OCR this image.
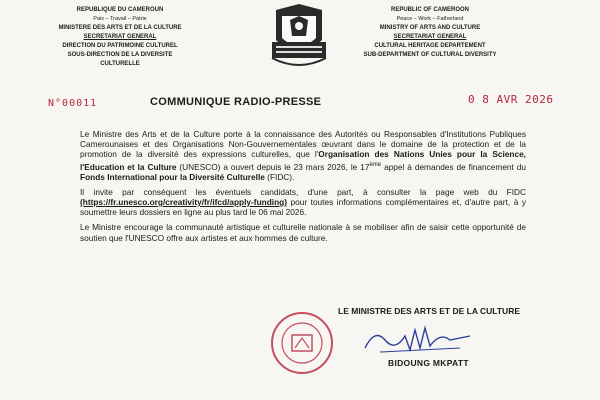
REPUBLIQUE DU CAMEROUN
Paix – Travail – Patrie
MINISTERE DES ARTS ET DE LA CULTURE
SECRETARIAT GENERAL
DIRECTION DU PATRIMOINE CULTUREL
SOUS-DIRECTION DE LA DIVERSITE
CULTURELLE
REPUBLIC OF CAMEROON
Peace – Work – Fatherland
MINISTRY OF ARTS AND CULTURE
SECRETARIAT GENERAL
CULTURAL HERITAGE DEPARTEMENT
SUB-DEPARTMENT OF CULTURAL DIVERSITY
N°00011	COMMUNIQUE RADIO-PRESSE	0 8 AVR 2026

Le Ministre des Arts et de la Culture porte à la connaissance des Autorités ou Responsables d'Institutions Publiques Camerounaises et des Organisations Non-Gouvernementales œuvrant dans le domaine de la protection et de la promotion de la diversité des expressions culturelles, que l'Organisation des Nations Unies pour la Science, l'Education et la Culture (UNESCO) a ouvert depuis le 23 mars 2026, le 17ème appel à demandes de financement du Fonds International pour la Diversité Culturelle (FIDC).

Il invite par conséquent les éventuels candidats, d'une part, à consulter la page web du FIDC (https://fr.unesco.org/creativity/fr/ifcd/apply-funding) pour toutes informations complémentaires et, d'autre part, à y soumettre leurs dossiers en ligne au plus tard le 06 mai 2026.

Le Ministre encourage la communauté artistique et culturelle nationale à se mobiliser afin de saisir cette opportunité de soutien que l'UNESCO offre aux artistes et aux hommes de culture.

LE MINISTRE DES ARTS ET DE LA CULTURE
BIDOUNG MKPATT
